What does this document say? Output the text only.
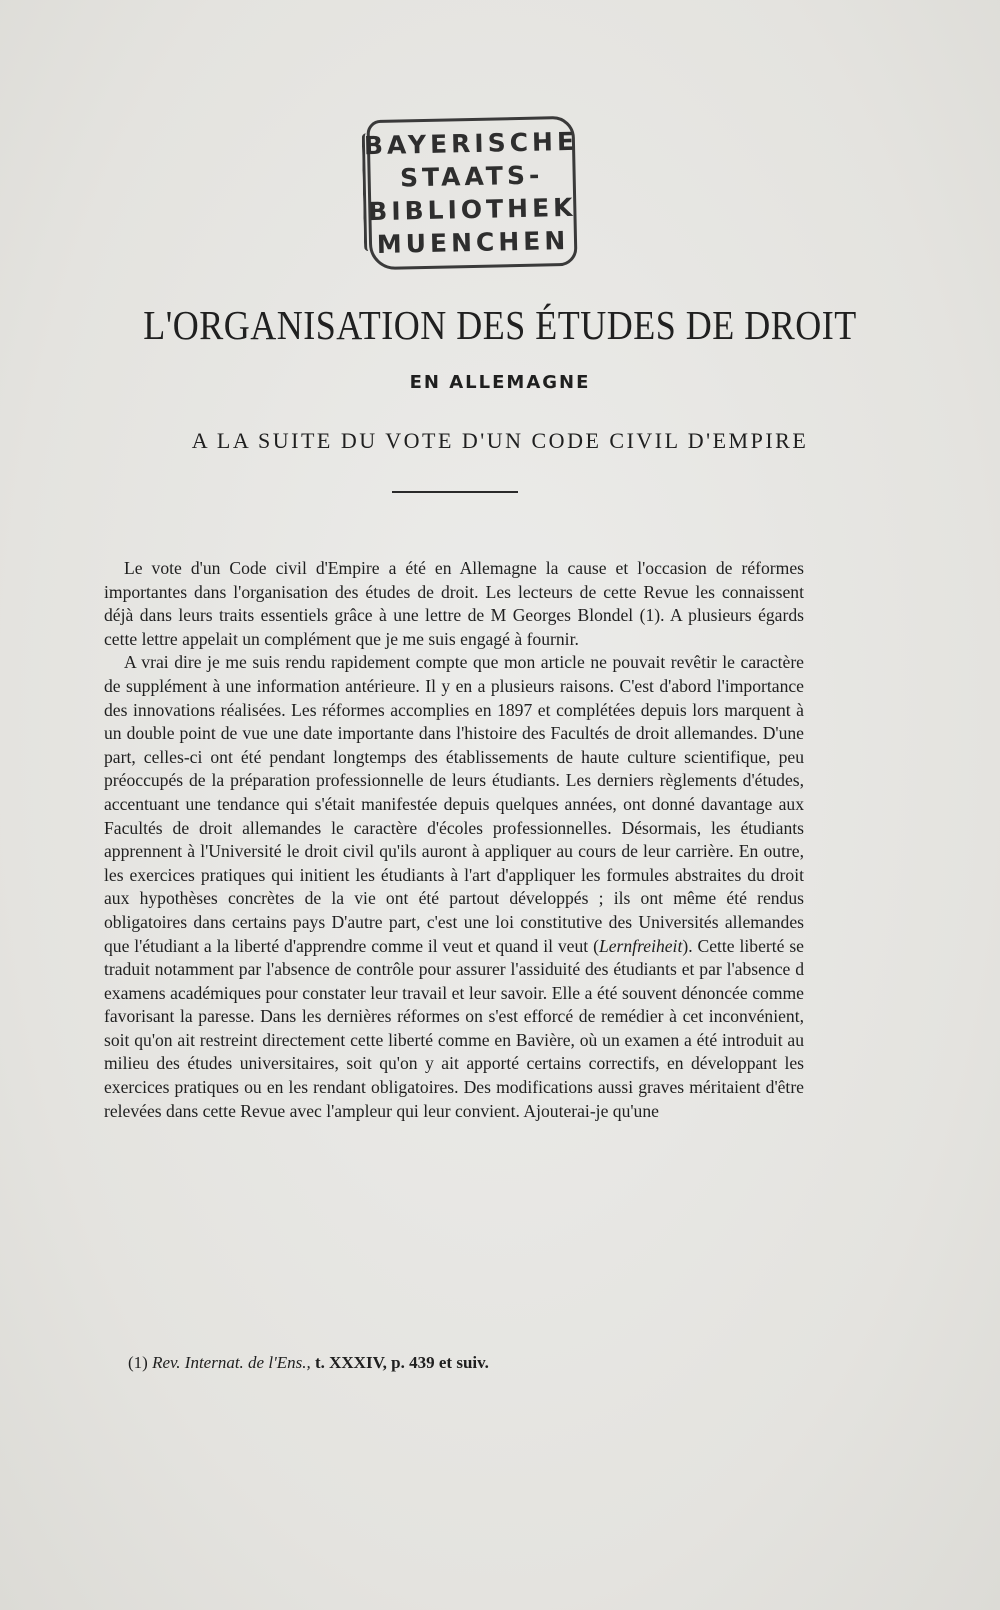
BAYERISCHE
STAATS-
BIBLIOTHEK
MUENCHEN
L'ORGANISATION DES ÉTUDES DE DROIT
EN ALLEMAGNE
A LA SUITE DU VOTE D'UN CODE CIVIL D'EMPIRE

Le vote d'un Code civil d'Empire a été en Allemagne la cause et l'occasion de réformes importantes dans l'organisation des études de droit. Les lecteurs de cette Revue les connaissent déjà dans leurs traits essentiels grâce à une lettre de M Georges Blondel (1). A plusieurs égards cette lettre appelait un complément que je me suis engagé à fournir.

A vrai dire je me suis rendu rapidement compte que mon article ne pouvait revêtir le caractère de supplément à une information antérieure. Il y en a plusieurs raisons. C'est d'abord l'importance des innovations réalisées. Les réformes accomplies en 1897 et complétées depuis lors marquent à un double point de vue une date importante dans l'histoire des Facultés de droit allemandes. D'une part, celles-ci ont été pendant longtemps des établissements de haute culture scientifique, peu préoccupés de la préparation professionnelle de leurs étudiants. Les derniers règlements d'études, accentuant une tendance qui s'était manifestée depuis quelques années, ont donné davantage aux Facultés de droit allemandes le caractère d'écoles professionnelles. Désormais, les étudiants apprennent à l'Université le droit civil qu'ils auront à appliquer au cours de leur carrière. En outre, les exercices pratiques qui initient les étudiants à l'art d'appliquer les formules abstraites du droit aux hypothèses concrètes de la vie ont été partout développés ; ils ont même été rendus obligatoires dans certains pays D'autre part, c'est une loi constitutive des Universités allemandes que l'étudiant a la liberté d'apprendre comme il veut et quand il veut (Lernfreiheit). Cette liberté se traduit notamment par l'absence de contrôle pour assurer l'assiduité des étudiants et par l'absence d examens académiques pour constater leur travail et leur savoir. Elle a été souvent dénoncée comme favorisant la paresse. Dans les dernières réformes on s'est efforcé de remédier à cet inconvénient, soit qu'on ait restreint directement cette liberté comme en Bavière, où un examen a été introduit au milieu des études universitaires, soit qu'on y ait apporté certains correctifs, en développant les exercices pratiques ou en les rendant obligatoires. Des modifications aussi graves méritaient d'être relevées dans cette Revue avec l'ampleur qui leur convient. Ajouterai-je qu'une

(1) Rev. Internat. de l'Ens., t. XXXIV, p. 439 et suiv.
